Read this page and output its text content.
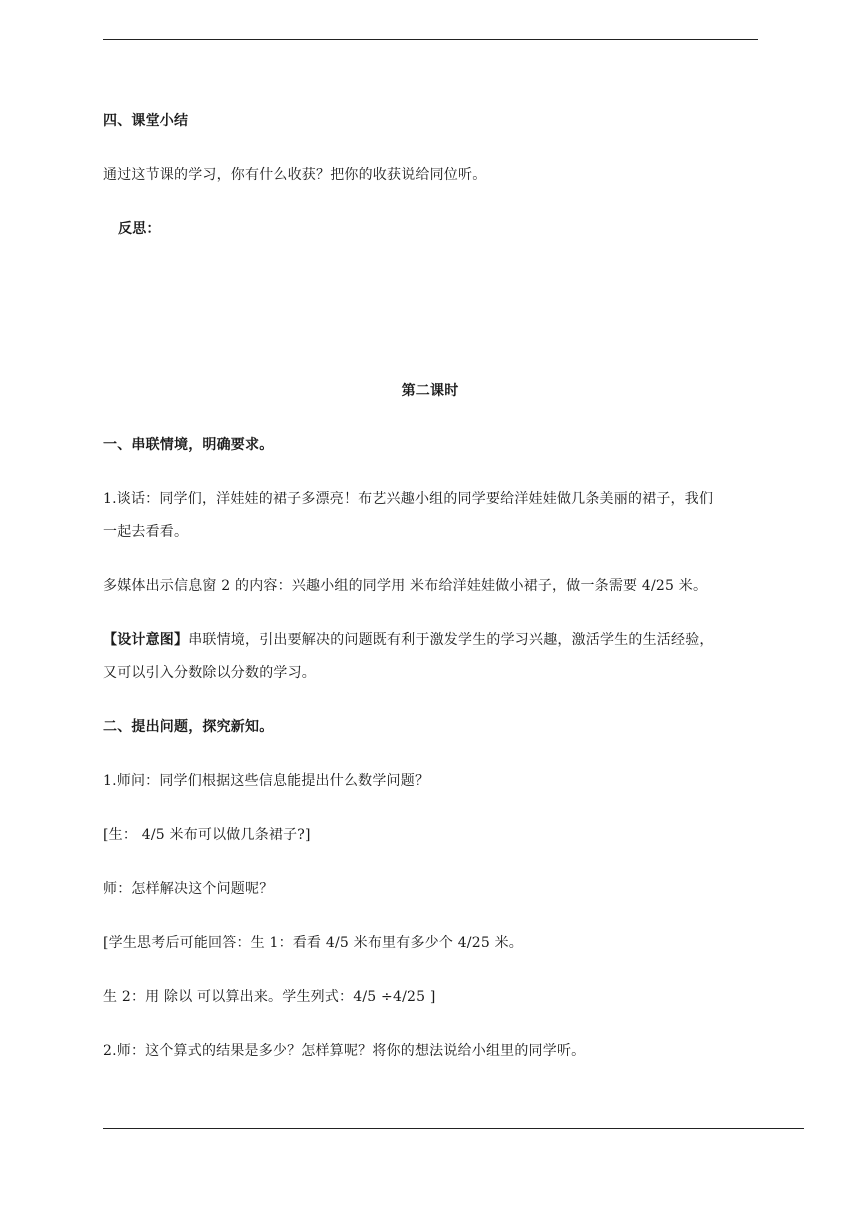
四、课堂小结
通过这节课的学习，你有什么收获？把你的收获说给同位听。
反思：
第二课时
一、串联情境，明确要求。
1.谈话：同学们，洋娃娃的裙子多漂亮！布艺兴趣小组的同学要给洋娃娃做几条美丽的裙子，我们
一起去看看。
多媒体出示信息窗 2 的内容：兴趣小组的同学用 米布给洋娃娃做小裙子，做一条需要 4/25 米。
【设计意图】串联情境，引出要解决的问题既有利于激发学生的学习兴趣，激活学生的生活经验，
又可以引入分数除以分数的学习。
二、提出问题，探究新知。
1.师问：同学们根据这些信息能提出什么数学问题？
[生： 4/5 米布可以做几条裙子?]
师：怎样解决这个问题呢？
[学生思考后可能回答：生 1：看看 4/5 米布里有多少个 4/25 米。
生 2：用 除以 可以算出来。学生列式：4/5 ÷4/25 ]
2.师：这个算式的结果是多少？怎样算呢？将你的想法说给小组里的同学听。
